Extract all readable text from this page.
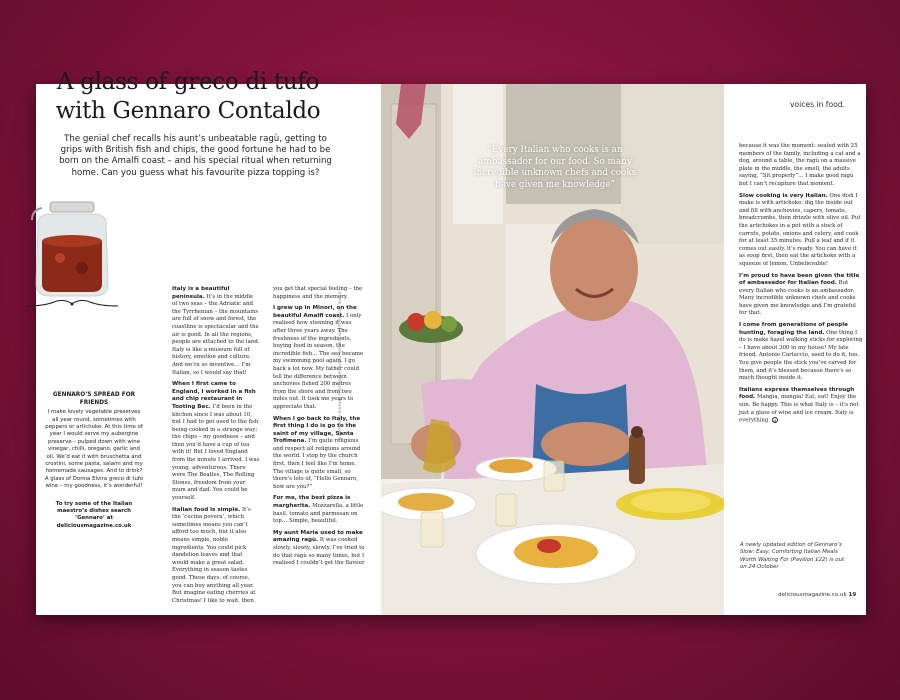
A glass of greco di tufo with Gennaro Contaldo

The genial chef recalls his aunt’s unbeatable ragù, getting to grips with British fish and chips, the good fortune he had to be born on the Amalfi coast – and his special ritual when returning home. Can you guess what his favourite pizza topping is?

GENNARO’S SPREAD FOR FRIENDS
I make lovely vegetable preserves all year round, sometimes with peppers or artichoke. At this time of year I would serve my aubergine preserve – pulped down with wine vinegar, chilli, oregano, garlic and oil. We’d eat it with bruschetta and crostini, some pasta, salami and my homemade sausages. And to drink? A glass of Donna Elvira greco di tufo wine – my goodness, it’s wonderful!
To try some of the Italian maestro’s dishes search ‘Gennaro’ at deliciousmagazine.co.uk

Italy is a beautiful peninsula. It’s in the middle of two seas – the Adriatic and the Tyrrhenian – the mountains are full of snow and forest, the coastline is spectacular and the air is good. In all the regions, people are attached to the land. Italy is like a museum full of history, emotion and culture. And we’re so inventive… I’m Italian, so I would say that!

When I first came to England, I worked in a fish and chip restaurant in Tooting Bec. I’d been in the kitchen since I was about 10, but I had to get used to the fish being cooked in a strange way; the chips – my goodness – and then you’d have a cup of tea with it! But I loved England from the minute I arrived. I was young, adventurous. There were The Beatles, The Rolling Stones, freedom from your mum and dad. You could be yourself.

Italian food is simple. It’s the ‘cucina povera’, which sometimes means you can’t afford too much, but it also means simple, noble ingredients. You could pick dandelion leaves and that would make a great salad. Everything in season tastes good. These days, of course, you can buy anything all year. But imagine eating cherries at Christmas! I like to wait, then

you get that special feeling – the happiness and the memory.

I grew up in Minori, on the beautiful Amalfi coast. I only realised how stunning it was after three years away. The freshness of the ingredients, buying food in season, the incredible fish… The sea became my swimming pool again. I go back a lot now. My father could tell the difference between anchovies fished 200 metres from the shore and from two miles out. It took me years to appreciate that.

When I go back to Italy, the first thing I do is go to the saint of my village, Santa Trofimena. I’m quite religious and respect all religions around the world. I stop by the church first, then I feel like I’m home. The village is quite small, so there’s lots of, “Hello Gennaro, how are you?”

For me, the best pizza is margherita. Mozzarella, a little basil, tomato and parmesan on top… Simple, beautiful.

My aunt Maria used to make amazing ragù. It was cooked slowly, slowly, slowly. I’ve tried to do that ragù so many times, but I realised I couldn’t get the flavour

WORDS KATE BROWN. PHOTOGRAPH DAVID LOFTUS. INTERVIEW SUE QUINN
“Every Italian who cooks is an ambassador for our food. So many incredible unknown chefs and cooks have given me knowledge”
voices in food.

because it was the moment: seated with 25 members of the family, including a cat and a dog, around a table, the ragù on a massive plate in the middle, the smell, the adults saying, “Sit properly”… I make good ragù but I can’t recapture that moment.

Slow cooking is very Italian. One dish I make is with artichoke: dig the inside out and fill with anchovies, capers, tomato, breadcrumbs, then drizzle with olive oil. Put the artichokes in a pot with a stock of carrots, potato, onions and celery, and cook for at least 35 minutes. Pull a leaf and if it comes out easily, it’s ready. You can have it as soup first, then eat the artichoke with a squeeze of lemon. Unbelievable!

I’m proud to have been given the title of ambassador for Italian food. But every Italian who cooks is an ambassador. Many incredible unknown chefs and cooks have given me knowledge and I’m grateful for that.

I come from generations of people hunting, foraging the land. One thing I do is make hazel walking sticks for exploring – I have about 300 in my house! My late friend, Antonio Carluccio, used to do it, too. You give people the stick you’ve carved for them, and it’s blessed because there’s so much thought inside it.

Italians express themselves through food. Mangia, mangia! Eat, eat! Enjoy the sun. Be happy. This is what Italy is – it’s not just a glass of wine and ice cream. Italy is everything. d

A newly updated edition of Gennaro’s Slow: Easy, Comforting Italian Meals Worth Waiting For (Pavilion £22) is out on 24 October
deliciousmagazine.co.uk 19
